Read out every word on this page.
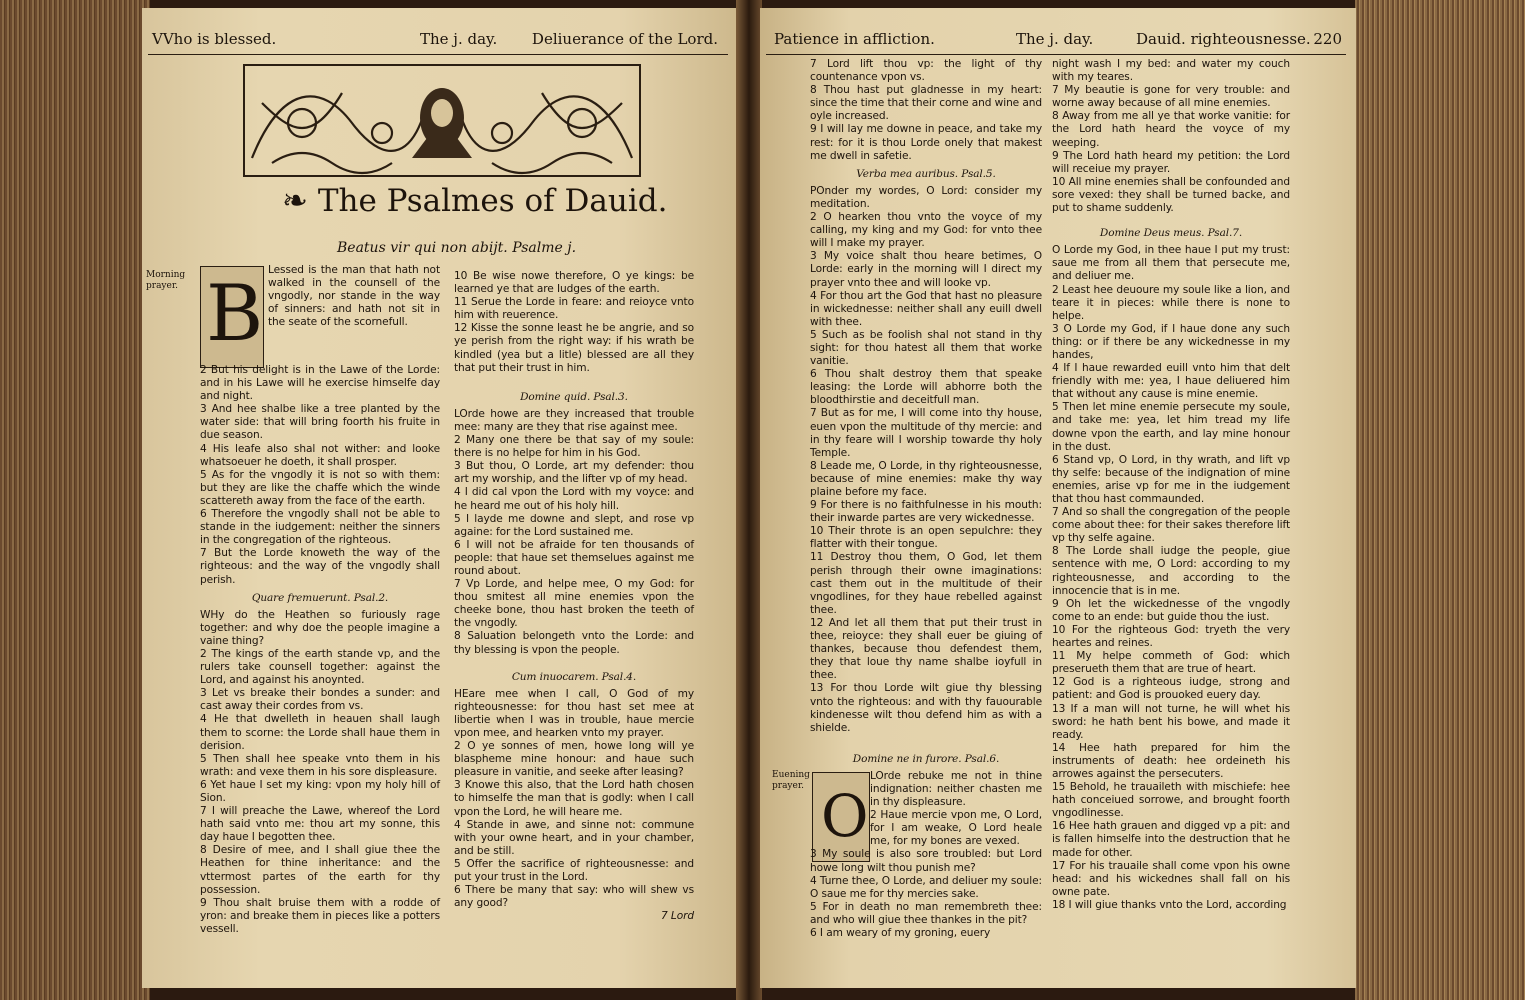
VVho is blessed.	The j. day. Deliuerance of the Lord.
❧ The Psalmes of Dauid.
Beatus vir qui non abijt. Psalme j.
Morning prayer. B Lessed is the man that hath not walked in the counsell of the vngodly, nor stande in the way of sinners: and hath not sit in the seate of the scornefull.

2 But his delight is in the Lawe of the Lorde: and in his Lawe will he exercise himselfe day and night.

3 And hee shalbe like a tree planted by the water side: that will bring foorth his fruite in due season.

4 His leafe also shal not wither: and looke whatsoeuer he doeth, it shall prosper.

5 As for the vngodly it is not so with them: but they are like the chaffe which the winde scattereth away from the face of the earth.

6 Therefore the vngodly shall not be able to stande in the iudgement: neither the sinners in the congregation of the righteous.

7 But the Lorde knoweth the way of the righteous: and the way of the vngodly shall perish.

Quare fremuerunt. Psal.2.

WHy do the Heathen so furiously rage together: and why doe the people imagine a vaine thing?

2 The kings of the earth stande vp, and the rulers take counsell together: against the Lord, and against his anoynted.

3 Let vs breake their bondes a sunder: and cast away their cordes from vs.

4 He that dwelleth in heauen shall laugh them to scorne: the Lorde shall haue them in derision.

5 Then shall hee speake vnto them in his wrath: and vexe them in his sore displeasure.

6 Yet haue I set my king: vpon my holy hill of Sion.

7 I will preache the Lawe, whereof the Lord hath said vnto me: thou art my sonne, this day haue I begotten thee.

8 Desire of mee, and I shall giue thee the Heathen for thine inheritance: and the vttermost partes of the earth for thy possession.

9 Thou shalt bruise them with a rodde of yron: and breake them in pieces like a potters vessell.

10 Be wise nowe therefore, O ye kings: be learned ye that are Iudges of the earth.

11 Serue the Lorde in feare: and reioyce vnto him with reuerence.

12 Kisse the sonne least he be angrie, and so ye perish from the right way: if his wrath be kindled (yea but a litle) blessed are all they that put their trust in him.

Domine quid. Psal.3.

LOrde howe are they increased that trouble mee: many are they that rise against mee.

2 Many one there be that say of my soule: there is no helpe for him in his God.

3 But thou, O Lorde, art my defender: thou art my worship, and the lifter vp of my head.

4 I did cal vpon the Lord with my voyce: and he heard me out of his holy hill.

5 I layde me downe and slept, and rose vp againe: for the Lord sustained me.

6 I will not be afraide for ten thousands of people: that haue set themselues against me round about.

7 Vp Lorde, and helpe mee, O my God: for thou smitest all mine enemies vpon the cheeke bone, thou hast broken the teeth of the vngodly.

8 Saluation belongeth vnto the Lorde: and thy blessing is vpon the people.

Cum inuocarem. Psal.4.

HEare mee when I call, O God of my righteousnesse: for thou hast set mee at libertie when I was in trouble, haue mercie vpon mee, and hearken vnto my prayer.

2 O ye sonnes of men, howe long will ye blaspheme mine honour: and haue such pleasure in vanitie, and seeke after leasing?

3 Knowe this also, that the Lord hath chosen to himselfe the man that is godly: when I call vpon the Lord, he will heare me.

4 Stande in awe, and sinne not: commune with your owne heart, and in your chamber, and be still.

5 Offer the sacrifice of righteousnesse: and put your trust in the Lord.

6 There be many that say: who will shew vs any good?

7 Lord

Patience in affliction.	The j. day.	Dauid. righteousnesse. 220
Euening prayer. O

7 Lord lift thou vp: the light of thy countenance vpon vs.

8 Thou hast put gladnesse in my heart: since the time that their corne and wine and oyle increased.

9 I will lay me downe in peace, and take my rest: for it is thou Lorde onely that makest me dwell in safetie.

Verba mea auribus. Psal.5.

POnder my wordes, O Lord: consider my meditation.

2 O hearken thou vnto the voyce of my calling, my king and my God: for vnto thee will I make my prayer.

3 My voice shalt thou heare betimes, O Lorde: early in the morning will I direct my prayer vnto thee and will looke vp.

4 For thou art the God that hast no pleasure in wickednesse: neither shall any euill dwell with thee.

5 Such as be foolish shal not stand in thy sight: for thou hatest all them that worke vanitie.

6 Thou shalt destroy them that speake leasing: the Lorde will abhorre both the bloodthirstie and deceitfull man.

7 But as for me, I will come into thy house, euen vpon the multitude of thy mercie: and in thy feare will I worship towarde thy holy Temple.

8 Leade me, O Lorde, in thy righteousnesse, because of mine enemies: make thy way plaine before my face.

9 For there is no faithfulnesse in his mouth: their inwarde partes are very wickednesse.

10 Their throte is an open sepulchre: they flatter with their tongue.

11 Destroy thou them, O God, let them perish through their owne imaginations: cast them out in the multitude of their vngodlines, for they haue rebelled against thee.

12 And let all them that put their trust in thee, reioyce: they shall euer be giuing of thankes, because thou defendest them, they that loue thy name shalbe ioyfull in thee.

13 For thou Lorde wilt giue thy blessing vnto the righteous: and with thy fauourable kindenesse wilt thou defend him as with a shielde.

Domine ne in furore. Psal.6.

LOrde rebuke me not in thine indignation: neither chasten me in thy displeasure.

2 Haue mercie vpon me, O Lord, for I am weake, O Lord heale me, for my bones are vexed.

3 My soule is also sore troubled: but Lord howe long wilt thou punish me?

4 Turne thee, O Lorde, and deliuer my soule: O saue me for thy mercies sake.

5 For in death no man remembreth thee: and who will giue thee thankes in the pit?

6 I am weary of my groning, euery

night wash I my bed: and water my couch with my teares.

7 My beautie is gone for very trouble: and worne away because of all mine enemies.

8 Away from me all ye that worke vanitie: for the Lord hath heard the voyce of my weeping.

9 The Lord hath heard my petition: the Lord will receiue my prayer.

10 All mine enemies shall be confounded and sore vexed: they shall be turned backe, and put to shame suddenly.

Domine Deus meus. Psal.7.

O Lorde my God, in thee haue I put my trust: saue me from all them that persecute me, and deliuer me.

2 Least hee deuoure my soule like a lion, and teare it in pieces: while there is none to helpe.

3 O Lorde my God, if I haue done any such thing: or if there be any wickednesse in my handes,

4 If I haue rewarded euill vnto him that delt friendly with me: yea, I haue deliuered him that without any cause is mine enemie.

5 Then let mine enemie persecute my soule, and take me: yea, let him tread my life downe vpon the earth, and lay mine honour in the dust.

6 Stand vp, O Lord, in thy wrath, and lift vp thy selfe: because of the indignation of mine enemies, arise vp for me in the iudgement that thou hast commaunded.

7 And so shall the congregation of the people come about thee: for their sakes therefore lift vp thy selfe againe.

8 The Lorde shall iudge the people, giue sentence with me, O Lord: according to my righteousnesse, and according to the innocencie that is in me.

9 Oh let the wickednesse of the vngodly come to an ende: but guide thou the iust.

10 For the righteous God: tryeth the very heartes and reines.

11 My helpe commeth of God: which preserueth them that are true of heart.

12 God is a righteous iudge, strong and patient: and God is prouoked euery day.

13 If a man will not turne, he will whet his sword: he hath bent his bowe, and made it ready.

14 Hee hath prepared for him the instruments of death: hee ordeineth his arrowes against the persecuters.

15 Behold, he trauaileth with mischiefe: hee hath conceiued sorrowe, and brought foorth vngodlinesse.

16 Hee hath grauen and digged vp a pit: and is fallen himselfe into the destruction that he made for other.

17 For his trauaile shall come vpon his owne head: and his wickednes shall fall on his owne pate.

18 I will giue thanks vnto the Lord, according
